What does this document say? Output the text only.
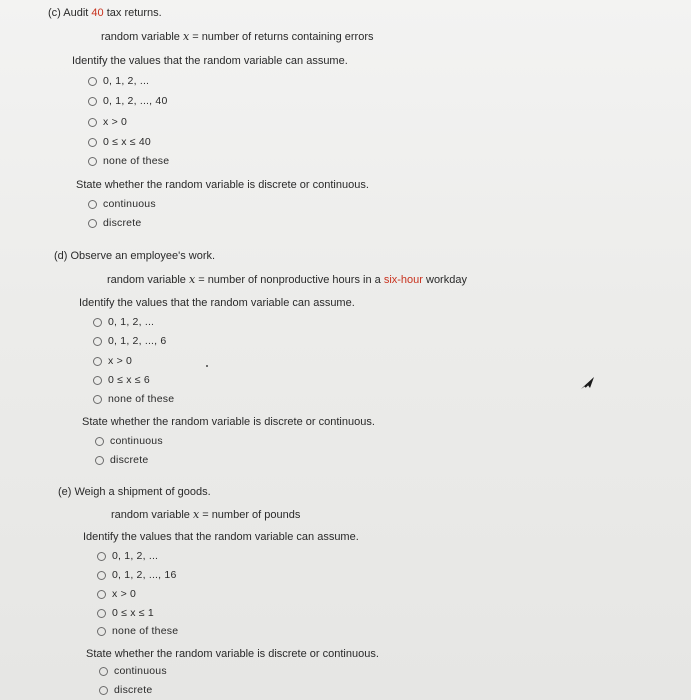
(c) Audit 40 tax returns.
random variable x = number of returns containing errors
Identify the values that the random variable can assume.
0, 1, 2, ...
0, 1, 2, ..., 40
x > 0
0 ≤ x ≤ 40
none of these
State whether the random variable is discrete or continuous.
continuous
discrete
(d) Observe an employee's work.
random variable x = number of nonproductive hours in a six-hour workday
Identify the values that the random variable can assume.
0, 1, 2, ...
0, 1, 2, ..., 6
x > 0
0 ≤ x ≤ 6
none of these
State whether the random variable is discrete or continuous.
continuous
discrete
(e) Weigh a shipment of goods.
random variable x = number of pounds
Identify the values that the random variable can assume.
0, 1, 2, ...
0, 1, 2, ..., 16
x > 0
0 ≤ x ≤ 1
none of these
State whether the random variable is discrete or continuous.
continuous
discrete
